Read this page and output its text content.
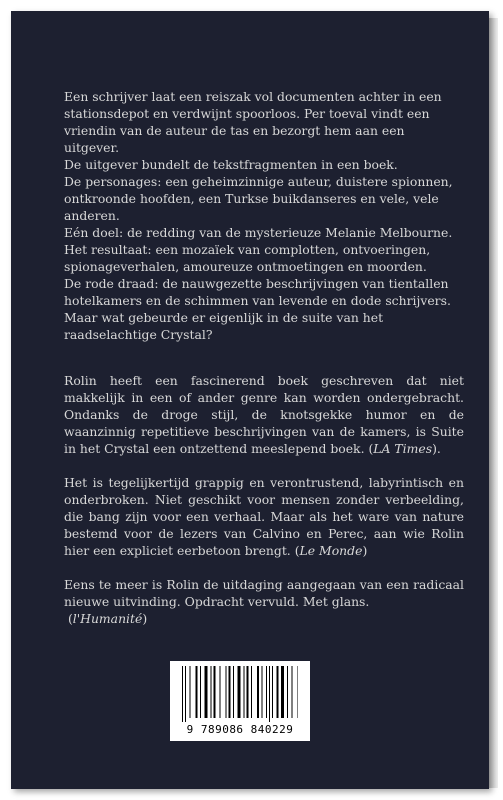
Een schrijver laat een reiszak vol documenten achter in een stationsdepot en verdwijnt spoorloos. Per toeval vindt een vriendin van de auteur de tas en bezorgt hem aan een uitgever.

De uitgever bundelt de tekstfragmenten in een boek.

De personages: een geheimzinnige auteur, duistere spionnen, ontkroonde hoofden, een Turkse buikdanseres en vele, vele anderen.

Eén doel: de redding van de mysterieuze Melanie Melbourne.

Het resultaat: een mozaïek van complotten, ontvoeringen, spionageverhalen, amoureuze ontmoetingen en moorden.

De rode draad: de nauwgezette beschrijvingen van tientallen hotelkamers en de schimmen van levende en dode schrijvers.

Maar wat gebeurde er eigenlijk in de suite van het raadselachtige Crystal?

Rolin heeft een fascinerend boek geschreven dat niet makkelijk in een of ander genre kan worden ondergebracht. Ondanks de droge stijl, de knotsgekke humor en de waanzinnig repetitieve beschrijvingen van de kamers, is Suite in het Crystal een ontzettend meeslepend boek. (LA Times).

Het is tegelijkertijd grappig en verontrustend, labyrintisch en onderbroken. Niet geschikt voor mensen zonder verbeelding, die bang zijn voor een verhaal. Maar als het ware van nature bestemd voor de lezers van Calvino en Perec, aan wie Rolin hier een expliciet eerbetoon brengt. (Le Monde)

Eens te meer is Rolin de uitdaging aangegaan van een radicaal nieuwe uitvinding. Opdracht vervuld. Met glans.
(l'Humanité)

9 789086 840229
